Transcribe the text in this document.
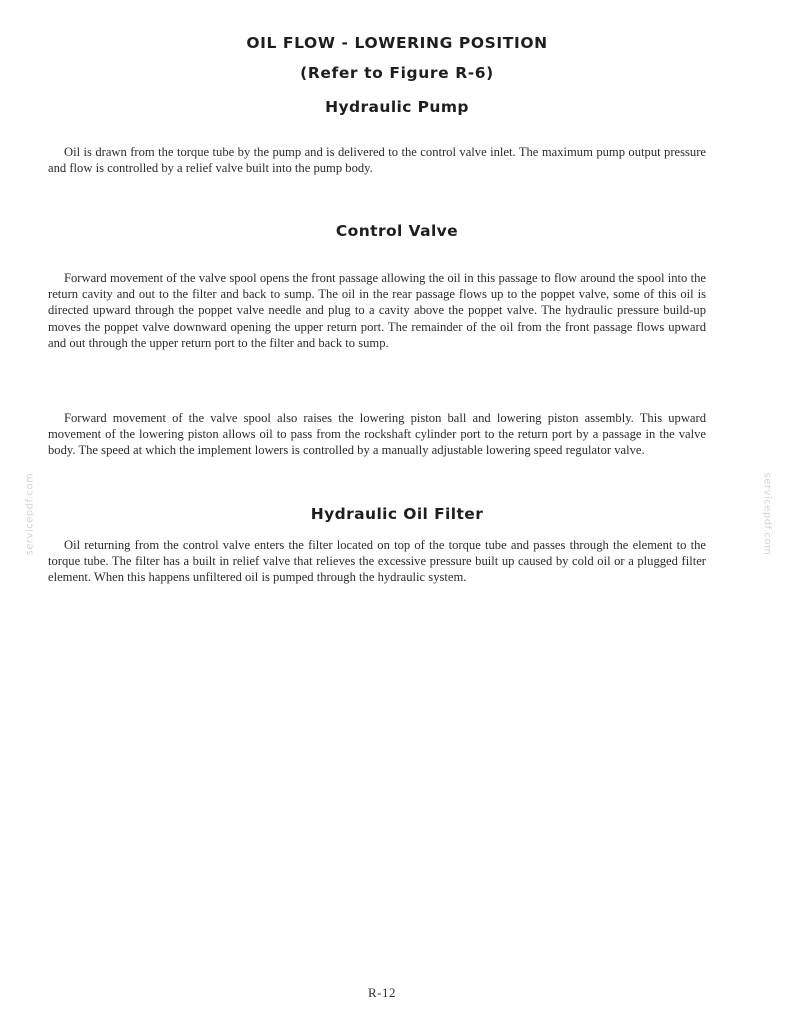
OIL FLOW - LOWERING POSITION
(Refer to Figure R-6)
Hydraulic Pump

Oil is drawn from the torque tube by the pump and is delivered to the control valve inlet. The maximum pump output pressure and flow is controlled by a relief valve built into the pump body.

Control Valve

Forward movement of the valve spool opens the front passage allowing the oil in this passage to flow around the spool into the return cavity and out to the filter and back to sump. The oil in the rear passage flows up to the poppet valve, some of this oil is directed upward through the poppet valve needle and plug to a cavity above the poppet valve. The hydraulic pressure build-up moves the poppet valve downward opening the upper return port. The remainder of the oil from the front passage flows upward and out through the upper return port to the filter and back to sump.

Forward movement of the valve spool also raises the lowering piston ball and lowering piston assembly. This upward movement of the lowering piston allows oil to pass from the rockshaft cylinder port to the return port by a passage in the valve body. The speed at which the implement lowers is controlled by a manually adjustable lowering speed regulator valve.

Hydraulic Oil Filter

Oil returning from the control valve enters the filter located on top of the torque tube and passes through the element to the torque tube. The filter has a built in relief valve that relieves the excessive pressure built up caused by cold oil or a plugged filter element. When this happens unfiltered oil is pumped through the hydraulic system.

servicepdf.com	servicepdf.com
R-12
